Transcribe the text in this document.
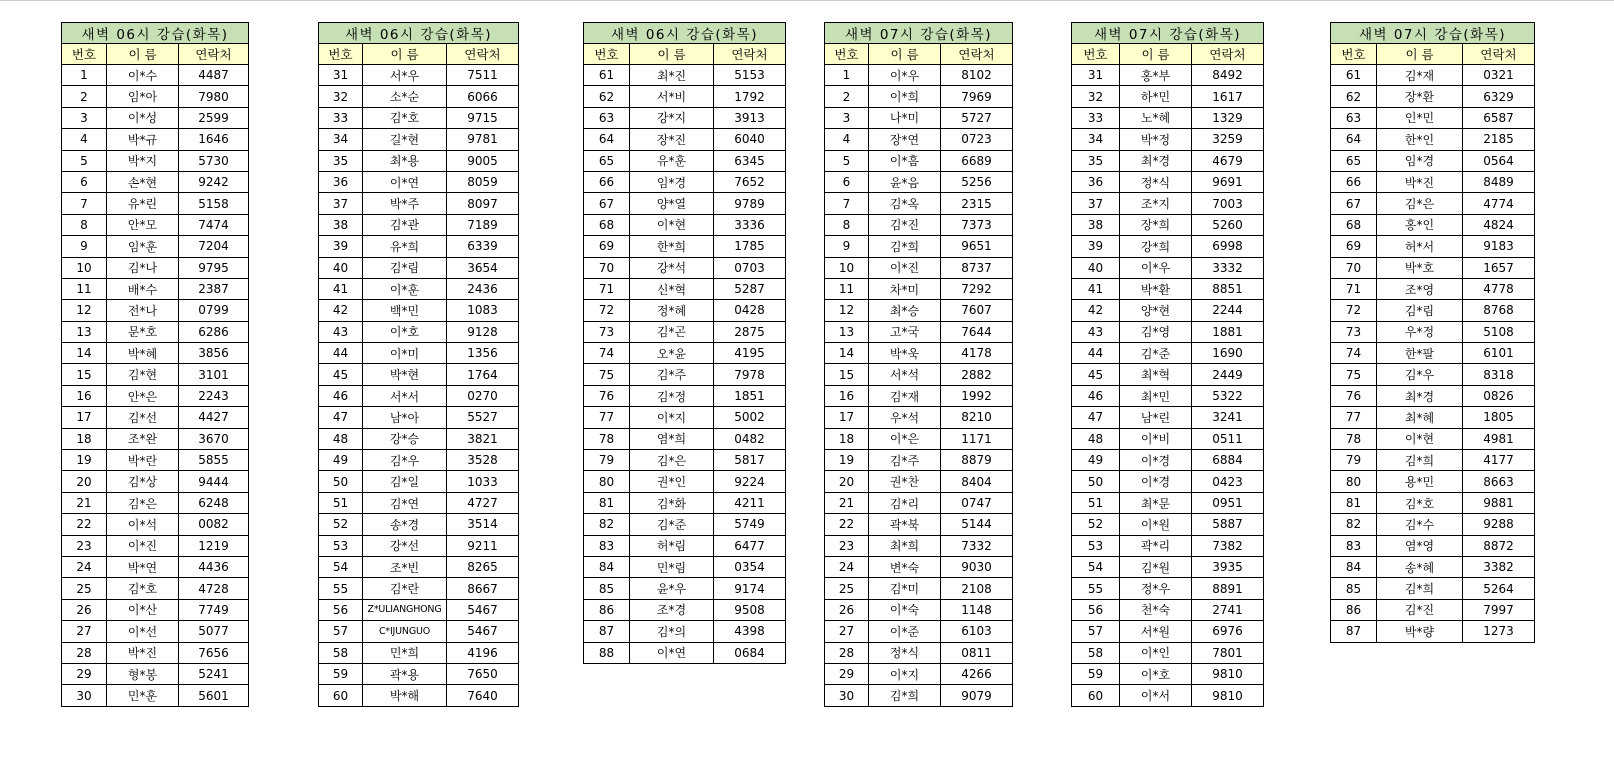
새벽 06시 강습(화목)		
번호	이 름	연락처
1	이*수	4487
2	임*아	7980
3	이*성	2599
4	박*규	1646
5	박*지	5730
6	손*현	9242
7	유*린	5158
8	안*모	7474
9	임*훈	7204
10	김*나	9795
11	배*수	2387
12	전*나	0799
13	문*호	6286
14	박*혜	3856
15	김*현	3101
16	안*은	2243
17	김*선	4427
18	조*완	3670
19	박*란	5855
20	김*상	9444
21	김*은	6248
22	이*석	0082
23	이*진	1219
24	박*연	4436
25	김*호	4728
26	이*산	7749
27	이*선	5077
28	박*진	7656
29	형*봉	5241
30	민*훈	5601
새벽 06시 강습(화목)		
번호	이 름	연락처
31	서*우	7511
32	소*순	6066
33	김*호	9715
34	길*현	9781
35	최*용	9005
36	이*연	8059
37	박*주	8097
38	김*관	7189
39	유*희	6339
40	김*림	3654
41	이*훈	2436
42	백*민	1083
43	이*호	9128
44	이*미	1356
45	박*현	1764
46	서*서	0270
47	남*아	5527
48	강*승	3821
49	김*우	3528
50	김*일	1033
51	김*연	4727
52	송*경	3514
53	강*선	9211
54	조*빈	8265
55	김*란	8667
56	Z*ULIANGHONG	5467
57	C*IJUNGUO	5467
58	민*희	4196
59	곽*용	7650
60	박*해	7640
새벽 06시 강습(화목)		
번호	이 름	연락처
61	최*진	5153
62	서*비	1792
63	강*지	3913
64	장*진	6040
65	유*훈	6345
66	임*경	7652
67	양*열	9789
68	이*현	3336
69	한*희	1785
70	강*석	0703
71	신*혁	5287
72	정*혜	0428
73	김*곤	2875
74	오*윤	4195
75	김*주	7978
76	김*정	1851
77	이*지	5002
78	염*희	0482
79	김*은	5817
80	권*인	9224
81	김*화	4211
82	김*준	5749
83	허*림	6477
84	민*림	0354
85	윤*우	9174
86	조*경	9508
87	김*의	4398
88	이*연	0684
새벽 07시 강습(화목)		
번호	이 름	연락처
1	이*우	8102
2	이*희	7969
3	나*미	5727
4	장*연	0723
5	이*흠	6689
6	윤*음	5256
7	김*옥	2315
8	김*진	7373
9	김*희	9651
10	이*진	8737
11	차*미	7292
12	최*승	7607
13	고*국	7644
14	박*욱	4178
15	서*석	2882
16	김*재	1992
17	우*석	8210
18	이*은	1171
19	김*주	8879
20	권*찬	8404
21	김*리	0747
22	곽*북	5144
23	최*희	7332
24	변*숙	9030
25	김*미	2108
26	이*숙	1148
27	이*준	6103
28	정*식	0811
29	이*지	4266
30	김*희	9079
새벽 07시 강습(화목)		
번호	이 름	연락처
31	홍*부	8492
32	하*민	1617
33	노*혜	1329
34	박*정	3259
35	최*경	4679
36	정*식	9691
37	조*지	7003
38	장*희	5260
39	강*희	6998
40	이*우	3332
41	박*환	8851
42	양*현	2244
43	김*영	1881
44	김*준	1690
45	최*혁	2449
46	최*민	5322
47	남*린	3241
48	이*비	0511
49	이*경	6884
50	이*경	0423
51	최*문	0951
52	이*원	5887
53	곽*리	7382
54	김*원	3935
55	정*우	8891
56	천*숙	2741
57	서*원	6976
58	이*인	7801
59	이*호	9810
60	이*서	9810
새벽 07시 강습(화목)		
번호	이 름	연락처
61	김*재	0321
62	장*환	6329
63	인*민	6587
64	한*인	2185
65	임*경	0564
66	박*진	8489
67	김*은	4774
68	홍*인	4824
69	허*서	9183
70	박*호	1657
71	조*영	4778
72	김*림	8768
73	우*정	5108
74	한*팔	6101
75	김*우	8318
76	최*경	0826
77	최*혜	1805
78	이*현	4981
79	김*희	4177
80	용*민	8663
81	김*호	9881
82	김*수	9288
83	염*영	8872
84	송*혜	3382
85	김*희	5264
86	김*진	7997
87	박*량	1273
